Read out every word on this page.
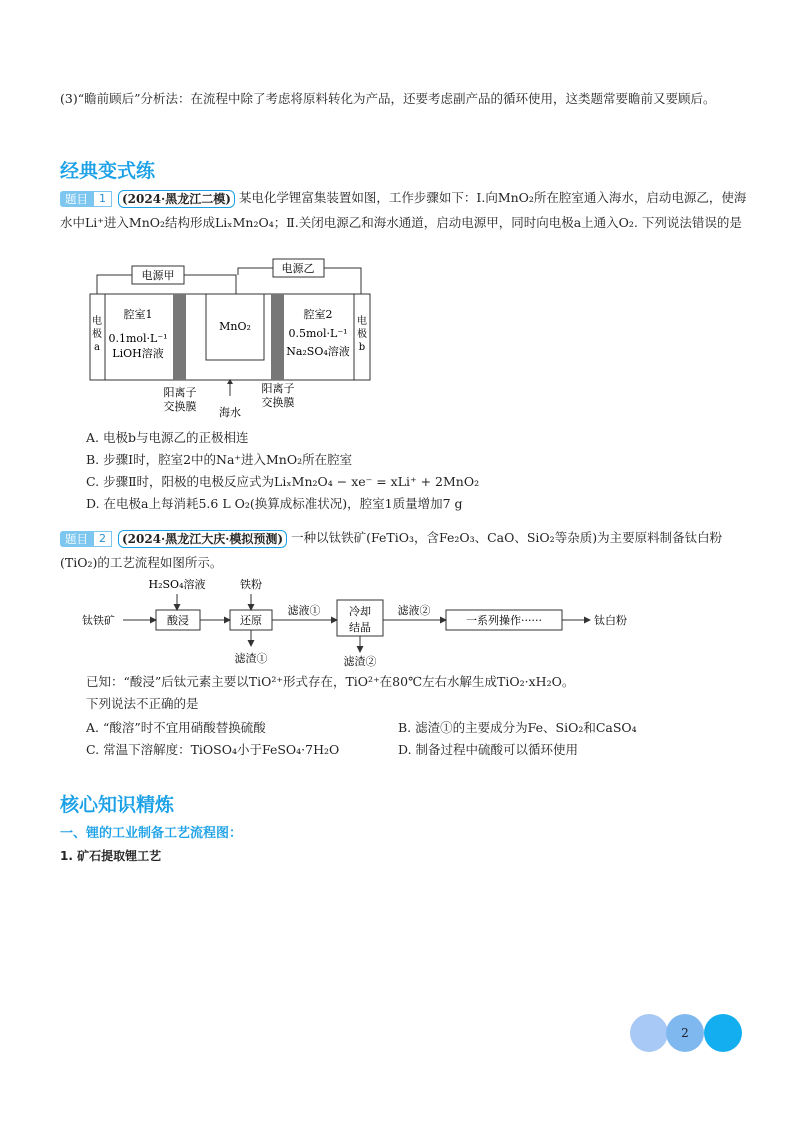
(3)“瞻前顾后”分析法：在流程中除了考虑将原料转化为产品，还要考虑副产品的循环使用，这类题常要瞻前又要顾后。
经典变式练
题目 1 (2024·黑龙江二模) 某电化学锂富集装置如图，工作步骤如下：Ⅰ.向MnO₂所在腔室通入海水，启动电源乙，使海水中Li⁺进入MnO₂结构形成LiₓMn₂O₄；Ⅱ.关闭电源乙和海水通道，启动电源甲，同时向电极a上通入O₂. 下列说法错误的是
电源甲
电源乙
电极 a
电极 b
腔室1
0.1mol·L⁻¹
LiOH溶液
MnO₂
腔室2
0.5mol·L⁻¹
Na₂SO₄溶液
阳离子
交换膜
阳离子
交换膜
海水
A. 电极b与电源乙的正极相连
B. 步骤Ⅰ时，腔室2中的Na⁺进入MnO₂所在腔室
C. 步骤Ⅱ时，阳极的电极反应式为LiₓMn₂O₄ − xe⁻ = xLi⁺ + 2MnO₂
D. 在电极a上每消耗5.6 L O₂(换算成标准状况)，腔室1质量增加7 g
题目 2 (2024·黑龙江大庆·模拟预测) 一种以钛铁矿(FeTiO₃，含Fe₂O₃、CaO、SiO₂等杂质)为主要原料制备钛白粉(TiO₂)的工艺流程如图所示。
钛铁矿
H₂SO₄溶液
酸浸
铁粉
还原
滤液①
滤渣①
冷却
结晶
滤液②
滤渣②
一系列操作······	钛白粉
已知：“酸浸”后钛元素主要以TiO²⁺形式存在，TiO²⁺在80℃左右水解生成TiO₂·xH₂O。
下列说法不正确的是
A. “酸溶”时不宜用硝酸替换硫酸	B. 滤渣①的主要成分为Fe、SiO₂和CaSO₄
C. 常温下溶解度：TiOSO₄小于FeSO₄·7H₂O	D. 制备过程中硫酸可以循环使用
核心知识精炼
一、锂的工业制备工艺流程图：
1. 矿石提取锂工艺
2
